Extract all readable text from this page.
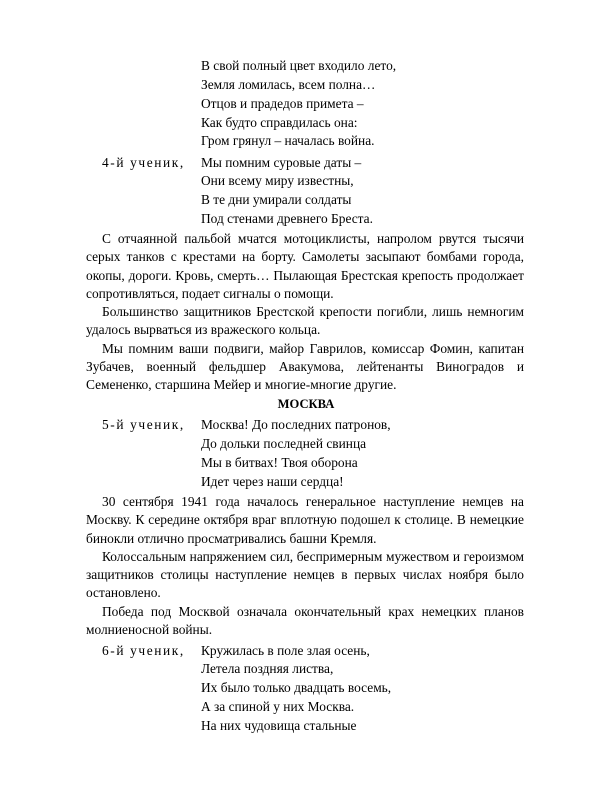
В свой полный цвет входило лето,
Земля ломилась, всем полна…
Отцов и прадедов примета –
Как будто справдилась она:
Гром грянул – началась война.
4-й ученик, Мы помним суровые даты –
Они всему миру известны,
В те дни умирали солдаты
Под стенами древнего Бреста.

С отчаянной пальбой мчатся мотоциклисты, напролом рвутся тысячи серых танков с крестами на борту. Самолеты засыпают бомбами города, окопы, дороги. Кровь, смерть… Пылающая Брестская крепость продолжает сопротивляться, подает сигналы о помощи.

Большинство защитников Брестской крепости погибли, лишь немногим удалось вырваться из вражеского кольца.

Мы помним ваши подвиги, майор Гаврилов, комиссар Фомин, капитан Зубачев, военный фельдшер Авакумова, лейтенанты Виноградов и Семененко, старшина Мейер и многие-многие другие.

МОСКВА
5-й ученик, Москва! До последних патронов,
До дольки последней свинца
Мы в битвах! Твоя оборона
Идет через наши сердца!

30 сентября 1941 года началось генеральное наступление немцев на Москву. К середине октября враг вплотную подошел к столице. В немецкие бинокли отлично просматривались башни Кремля.

Колоссальным напряжением сил, беспримерным мужеством и героизмом защитников столицы наступление немцев в первых числах ноября было остановлено.

Победа под Москвой означала окончательный крах немецких планов молниеносной войны.

6-й ученик, Кружилась в поле злая осень,
Летела поздняя листва,
Их было только двадцать восемь,
А за спиной у них Москва.
На них чудовища стальные
